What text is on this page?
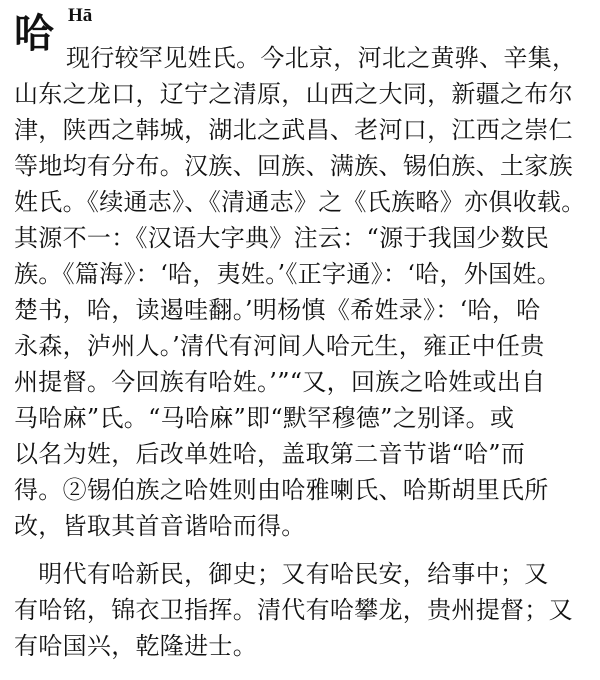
哈 Hā
现行较罕见姓氏。今北京，河北之黄骅、辛集，
山东之龙口，辽宁之清原，山西之大同，新疆之布尔
津，陕西之韩城，湖北之武昌、老河口，江西之崇仁
等地均有分布。汉族、回族、满族、锡伯族、土家族
姓氏。《续通志》、《清通志》之《氏族略》亦俱收载。
其源不一：《汉语大字典》注云：“源于我国少数民
族。《篇海》：‘哈，夷姓。’《正字通》：‘哈，外国姓。
楚书，哈，读遏哇翻。’明杨慎《希姓录》：‘哈，哈
永森，泸州人。’清代有河间人哈元生，雍正中任贵
州提督。今回族有哈姓。’”“又，回族之哈姓或出自
马哈麻”氏。“马哈麻”即“默罕穆德”之别译。或
以名为姓，后改单姓哈，盖取第二音节谐“哈”而
得。②锡伯族之哈姓则由哈雅喇氏、哈斯胡里氏所
改，皆取其首音谐哈而得。
　明代有哈新民，御史；又有哈民安，给事中；又
有哈铭，锦衣卫指挥。清代有哈攀龙，贵州提督；又
有哈国兴，乾隆进士。
